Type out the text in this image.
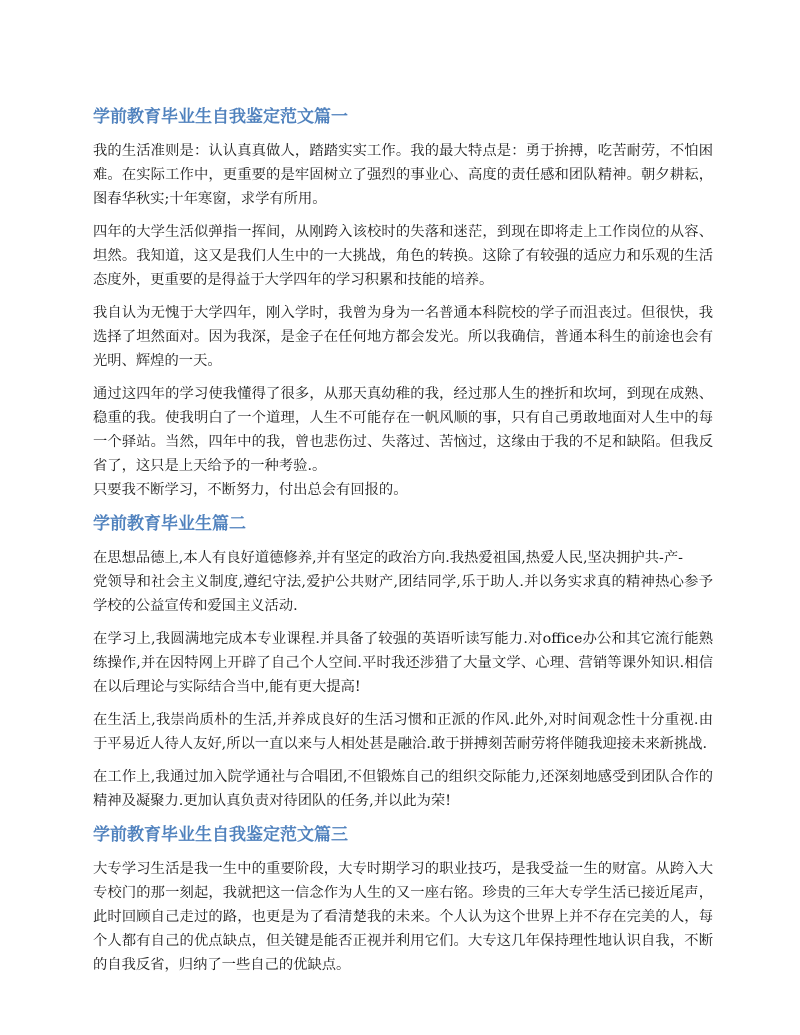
学前教育毕业生自我鉴定范文篇一

我的生活准则是：认认真真做人，踏踏实实工作。我的最大特点是：勇于拚搏，吃苦耐劳，不怕困难。在实际工作中，更重要的是牢固树立了强烈的事业心、高度的责任感和团队精神。朝夕耕耘，图春华秋实;十年寒窗，求学有所用。

四年的大学生活似弹指一挥间，从刚跨入该校时的失落和迷茫，到现在即将走上工作岗位的从容、坦然。我知道，这又是我们人生中的一大挑战，角色的转换。这除了有较强的适应力和乐观的生活态度外，更重要的是得益于大学四年的学习积累和技能的培养。

我自认为无愧于大学四年，刚入学时，我曾为身为一名普通本科院校的学子而沮丧过。但很快，我选择了坦然面对。因为我深，是金子在任何地方都会发光。所以我确信，普通本科生的前途也会有光明、辉煌的一天。

通过这四年的学习使我懂得了很多，从那天真幼稚的我，经过那人生的挫折和坎坷，到现在成熟、稳重的我。使我明白了一个道理，人生不可能存在一帆风顺的事，只有自己勇敢地面对人生中的每一个驿站。当然，四年中的我，曾也悲伤过、失落过、苦恼过，这缘由于我的不足和缺陷。但我反省了，这只是上天给予的一种考验.。

只要我不断学习，不断努力，付出总会有回报的。

学前教育毕业生篇二

在思想品德上,本人有良好道德修养,并有坚定的政治方向.我热爱祖国,热爱人民,坚决拥护共-产-

党领导和社会主义制度,遵纪守法,爱护公共财产,团结同学,乐于助人.并以务实求真的精神热心参予学校的公益宣传和爱国主义活动.

在学习上,我圆满地完成本专业课程.并具备了较强的英语听读写能力.对office办公和其它流行能熟练操作,并在因特网上开辟了自己个人空间.平时我还涉猎了大量文学、心理、营销等课外知识.相信在以后理论与实际结合当中,能有更大提高!

在生活上,我崇尚质朴的生活,并养成良好的生活习惯和正派的作风.此外,对时间观念性十分重视.由于平易近人待人友好,所以一直以来与人相处甚是融洽.敢于拼搏刻苦耐劳将伴随我迎接未来新挑战.

在工作上,我通过加入院学通社与合唱团,不但锻炼自己的组织交际能力,还深刻地感受到团队合作的精神及凝聚力.更加认真负责对待团队的任务,并以此为荣!

学前教育毕业生自我鉴定范文篇三

大专学习生活是我一生中的重要阶段，大专时期学习的职业技巧，是我受益一生的财富。从跨入大专校门的那一刻起，我就把这一信念作为人生的又一座右铭。珍贵的三年大专学生活已接近尾声，此时回顾自己走过的路，也更是为了看清楚我的未来。个人认为这个世界上并不存在完美的人，每个人都有自己的优点缺点，但关键是能否正视并利用它们。大专这几年保持理性地认识自我，不断的自我反省，归纳了一些自己的优缺点。
